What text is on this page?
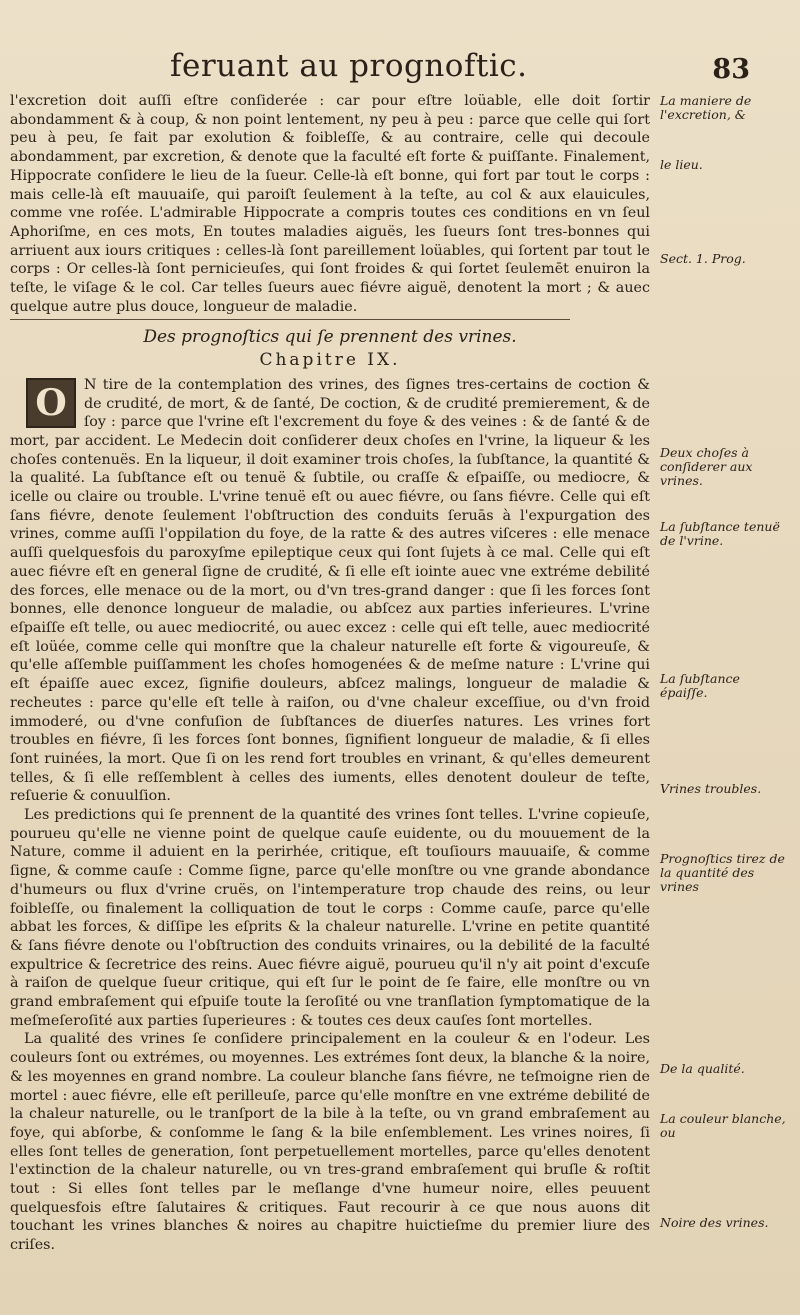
feruant au prognoftic.	83

l'excretion doit auſſi eſtre conſiderée : car pour eſtre loüable, elle doit ſortir abondamment & à coup, & non point lentement, ny peu à peu : parce que celle qui ſort peu à peu, ſe fait par exolution & foibleſſe, & au contraire, celle qui decoule abondamment, par excretion, & denote que la faculté eſt forte & puiſſante. Finalement, Hippocrate conſidere le lieu de la ſueur. Celle-là eſt bonne, qui fort par tout le corps : mais celle-là eſt mauuaiſe, qui paroiſt ſeulement à la teſte, au col & aux elauicules, comme vne roſée. L'admirable Hippocrate a compris toutes ces conditions en vn ſeul Aphoriſme, en ces mots, En toutes maladies aiguës, les ſueurs ſont tres-bonnes qui arriuent aux iours critiques : celles-là ſont pareillement loüables, qui ſortent par tout le corps : Or celles-là ſont pernicieuſes, qui ſont froides & qui ſortet ſeulemēt enuiron la teſte, le viſage & le col. Car telles ſueurs auec fiévre aiguë, denotent la mort ; & auec quelque autre plus douce, longueur de maladie.

Des prognoſtics qui ſe prennent des vrines.
Chapitre IX.
O	N tire de la contemplation des vrines, des ſignes tres-certains de coction & de crudité, de mort, & de ſanté, De coction, & de crudité premierement, & de ſoy : parce que l'vrine eſt l'excrement du foye & des veines : & de ſanté & de mort, par accident. Le Medecin doit conſiderer deux choſes en l'vrine, la liqueur & les choſes contenuës. En la liqueur, il doit examiner trois choſes, la ſubſtance, la quantité & la qualité. La ſubſtance eſt ou tenuë & ſubtile, ou craſſe & eſpaiſſe, ou mediocre, & icelle ou claire ou trouble. L'vrine tenuë eſt ou auec fiévre, ou ſans fiévre. Celle qui eſt ſans fiévre, denote ſeulement l'obſtruction des conduits ſeruās à l'expurgation des vrines, comme auſſi l'oppilation du foye, de la ratte & des autres viſceres : elle menace auſſi quelquesfois du paroxyſme epileptique ceux qui ſont ſujets à ce mal. Celle qui eſt auec fiévre eſt en general ſigne de crudité, & ſi elle eſt iointe auec vne extréme debilité des forces, elle menace ou de la mort, ou d'vn tres-grand danger : que ſi les forces ſont bonnes, elle denonce longueur de maladie, ou abſcez aux parties inferieures. L'vrine eſpaiſſe eſt telle, ou auec mediocrité, ou auec excez : celle qui eſt telle, auec mediocrité eſt loüée, comme celle qui monſtre que la chaleur naturelle eſt forte & vigoureuſe, & qu'elle aſſemble puiſſamment les choſes homogenées & de meſme nature : L'vrine qui eſt épaiſſe auec excez, ſignifie douleurs, abſcez malings, longueur de maladie & recheutes : parce qu'elle eſt telle à raiſon, ou d'vne chaleur exceſſiue, ou d'vn froid immoderé, ou d'vne confuſion de ſubſtances de diuerſes natures. Les vrines fort troubles en fiévre, ſi les forces ſont bonnes, ſignifient longueur de maladie, & ſi elles ſont ruinées, la mort. Que ſi on les rend fort troubles en vrinant, & qu'elles demeurent telles, & ſi elle reſſemblent à celles des iuments, elles denotent douleur de teſte, reſuerie & conuulſion.

Les predictions qui ſe prennent de la quantité des vrines ſont telles. L'vrine copieuſe, pourueu qu'elle ne vienne point de quelque cauſe euidente, ou du mouuement de la Nature, comme il aduient en la perirhée, critique, eſt touſiours mauuaiſe, & comme ſigne, & comme cauſe : Comme ſigne, parce qu'elle monſtre ou vne grande abondance d'humeurs ou flux d'vrine cruës, on l'intemperature trop chaude des reins, ou leur foibleſſe, ou finalement la colliquation de tout le corps : Comme cauſe, parce qu'elle abbat les forces, & diſſipe les eſprits & la chaleur naturelle. L'vrine en petite quantité & ſans fiévre denote ou l'obſtruction des conduits vrinaires, ou la debilité de la faculté expultrice & ſecretrice des reins. Auec fiévre aiguë, pourueu qu'il n'y ait point d'excuſe à raiſon de quelque ſueur critique, qui eſt ſur le point de ſe faire, elle monſtre ou vn grand embraſement qui eſpuiſe toute la ſeroſité ou vne tranſlation ſymptomatique de la meſmeſeroſité aux parties ſuperieures : & toutes ces deux cauſes ſont mortelles.

La qualité des vrines ſe conſidere principalement en la couleur & en l'odeur. Les couleurs ſont ou extrémes, ou moyennes. Les extrémes ſont deux, la blanche & la noire, & les moyennes en grand nombre. La couleur blanche ſans fiévre, ne teſmoigne rien de mortel : auec fiévre, elle eſt perilleuſe, parce qu'elle monſtre en vne extréme debilité de la chaleur naturelle, ou le tranſport de la bile à la teſte, ou vn grand embraſement au foye, qui abſorbe, & conſomme le ſang & la bile enſemblement. Les vrines noires, ſi elles ſont telles de generation, ſont perpetuellement mortelles, parce qu'elles denotent l'extinction de la chaleur naturelle, ou vn tres-grand embraſement qui bruſle & roſtit tout : Si elles ſont telles par le meſlange d'vne humeur noire, elles peuuent quelquesfois eſtre ſalutaires & critiques. Faut recourir à ce que nous auons dit touchant les vrines blanches & noires au chapitre huictieſme du premier liure des criſes.

La maniere de l'excretion, &
le lieu.
Sect. 1. Prog.
Deux choſes à conſiderer aux vrines.
La ſubſtance tenuë de l'vrine.
La ſubſtance épaiſſe.
Vrines troubles.
Prognoſtics tirez de la quantité des vrines
De la qualité.
La couleur blanche, ou
Noire des vrines.
